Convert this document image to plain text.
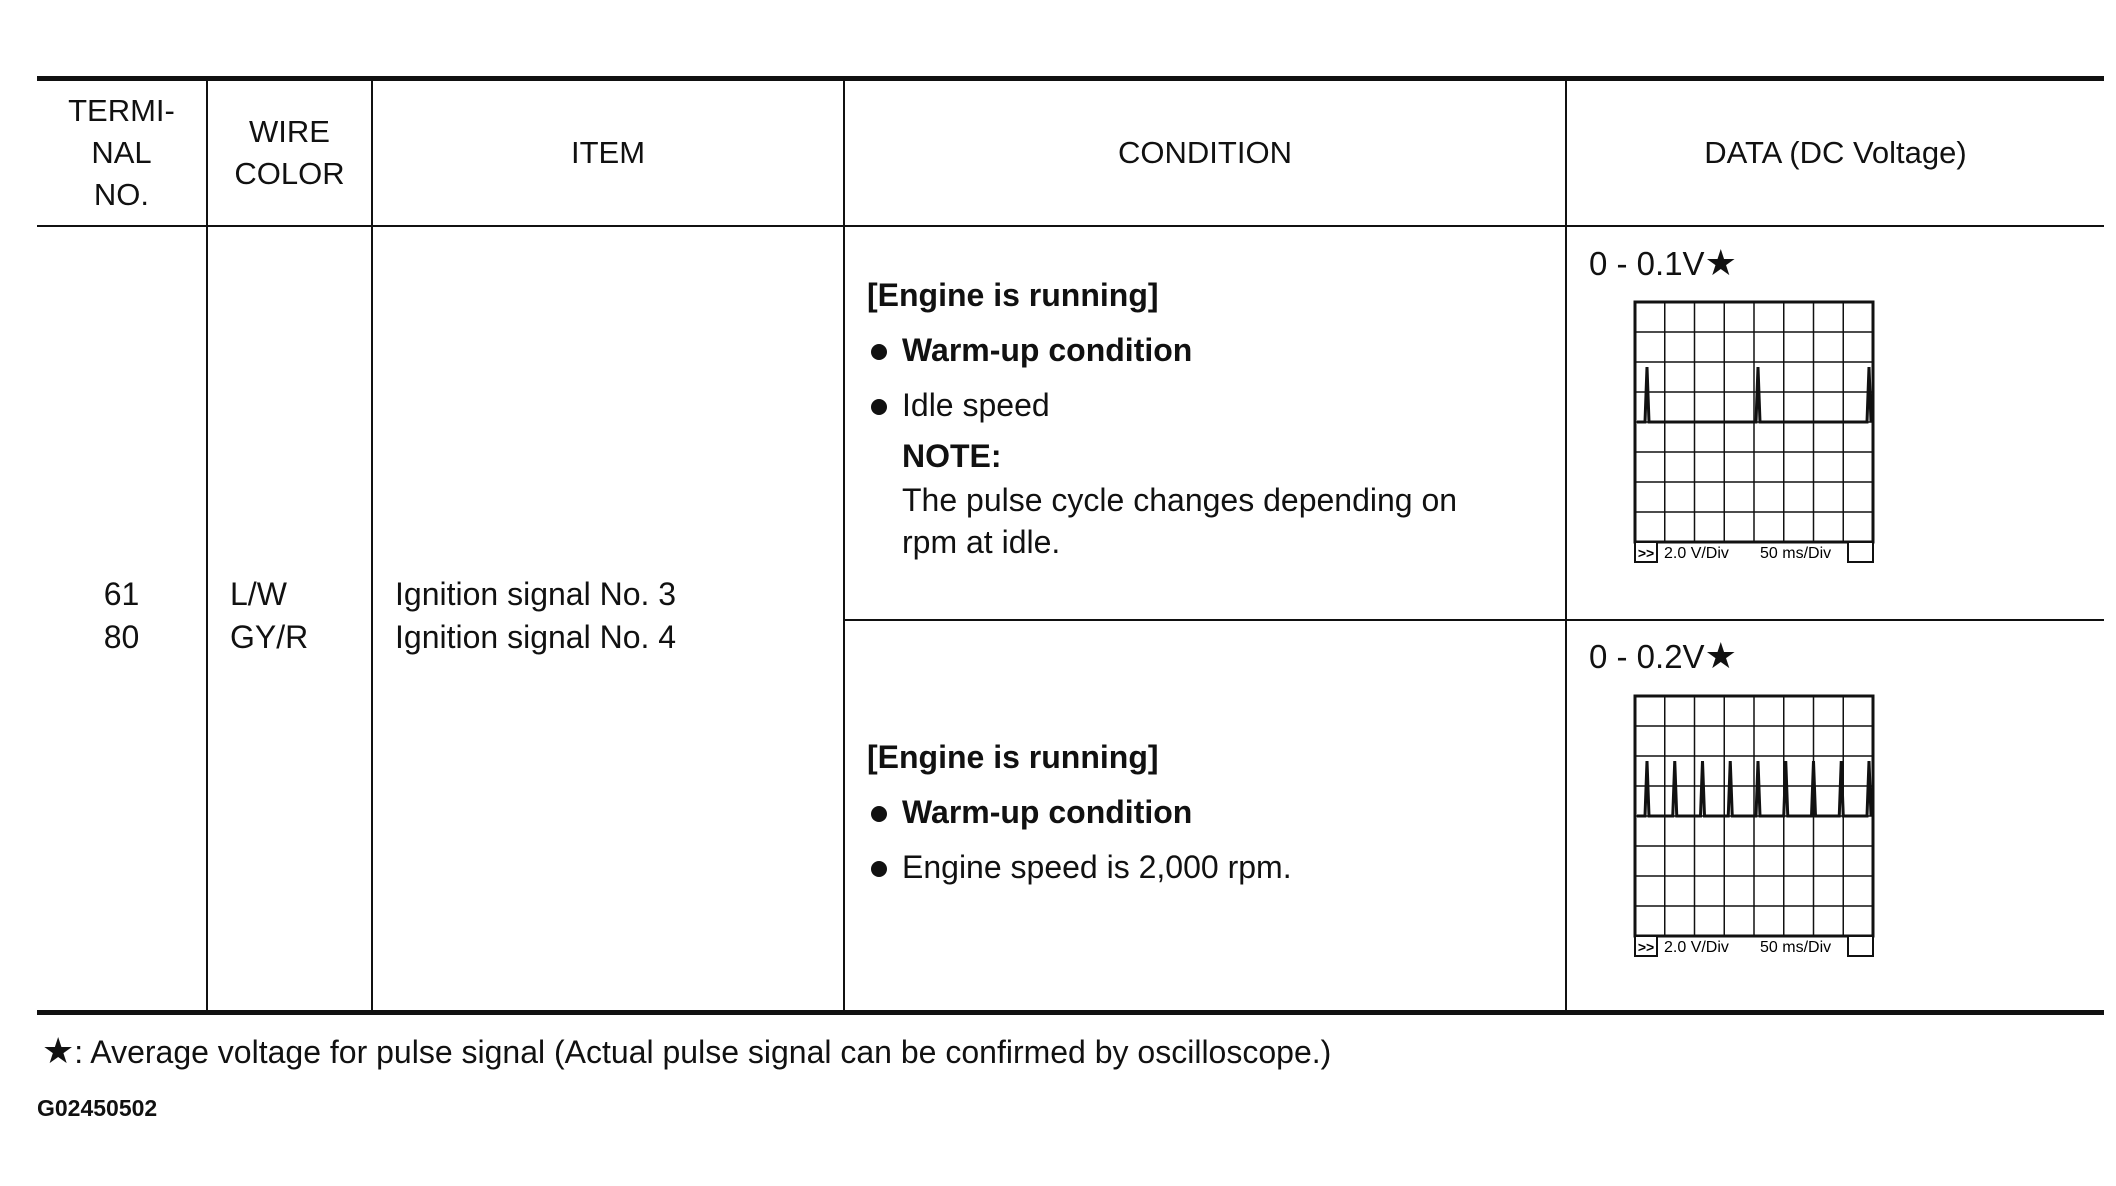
TERMI-
NAL
NO.
WIRE
COLOR
ITEM	CONDITION	DATA (DC Voltage)
61
80
L/W
GY/R
Ignition signal No. 3
Ignition signal No. 4
[Engine is running]
Warm-up condition
Idle speed
NOTE:
The pulse cycle changes depending on
rpm at idle.
[Engine is running]
Warm-up condition
Engine speed is 2,000 rpm.
0 - 0.1V★
0 - 0.2V★
>> 2.0 V/Div 50 ms/Div
>> 2.0 V/Div 50 ms/Div
★: Average voltage for pulse signal (Actual pulse signal can be confirmed by oscilloscope.)
G02450502
